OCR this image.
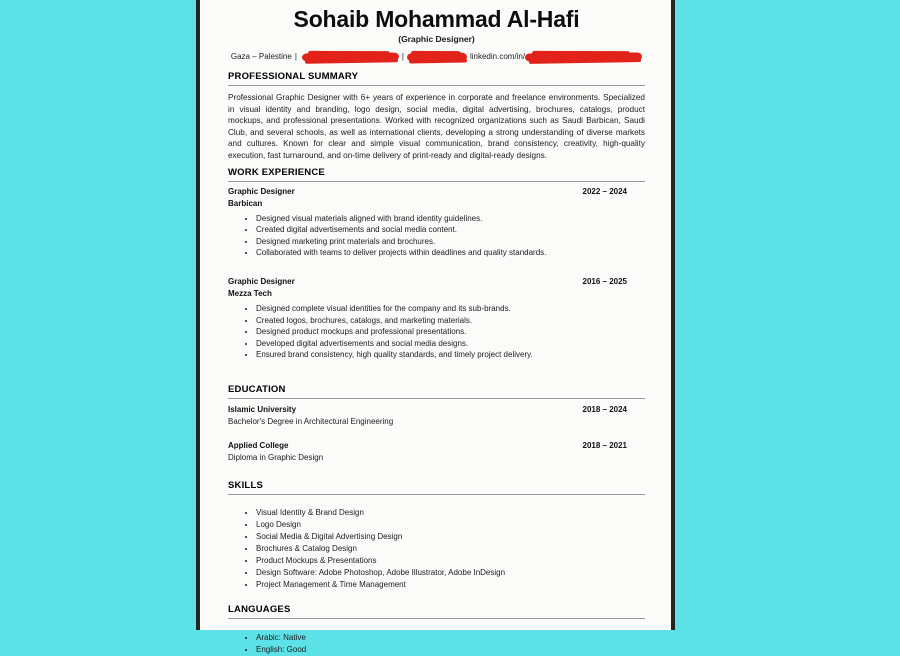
Sohaib Mohammad Al-Hafi
(Graphic Designer)
Gaza – Palestine |	|	linkedin.com/in/
PROFESSIONAL SUMMARY

Professional Graphic Designer with 6+ years of experience in corporate and freelance environments. Specialized in visual identity and branding, logo design, social media, digital advertising, brochures, catalogs, product mockups, and professional presentations. Worked with recognized organizations such as Saudi Barbican, Saudi Club, and several schools, as well as international clients, developing a strong understanding of diverse markets and cultures. Known for clear and simple visual communication, brand consistency, creativity, high-quality execution, fast turnaround, and on-time delivery of print-ready and digital-ready designs.

WORK EXPERIENCE
Graphic Designer	2022 – 2024
Barbican
• Designed visual materials aligned with brand identity guidelines.
• Created digital advertisements and social media content.
• Designed marketing print materials and brochures.
• Collaborated with teams to deliver projects within deadlines and quality standards.
Graphic Designer	2016 – 2025
Mezza Tech
• Designed complete visual identities for the company and its sub-brands.
• Created logos, brochures, catalogs, and marketing materials.
• Designed product mockups and professional presentations.
• Developed digital advertisements and social media designs.
• Ensured brand consistency, high quality standards, and timely project delivery.
EDUCATION
Islamic University	2018 – 2024
Bachelor's Degree in Architectural Engineering
Applied College	2018 – 2021
Diploma in Graphic Design
SKILLS
• Visual Identity & Brand Design
• Logo Design
• Social Media & Digital Advertising Design
• Brochures & Catalog Design
• Product Mockups & Presentations
• Design Software: Adobe Photoshop, Adobe Illustrator, Adobe InDesign
• Project Management & Time Management
LANGUAGES
• Arabic: Native
• English: Good
